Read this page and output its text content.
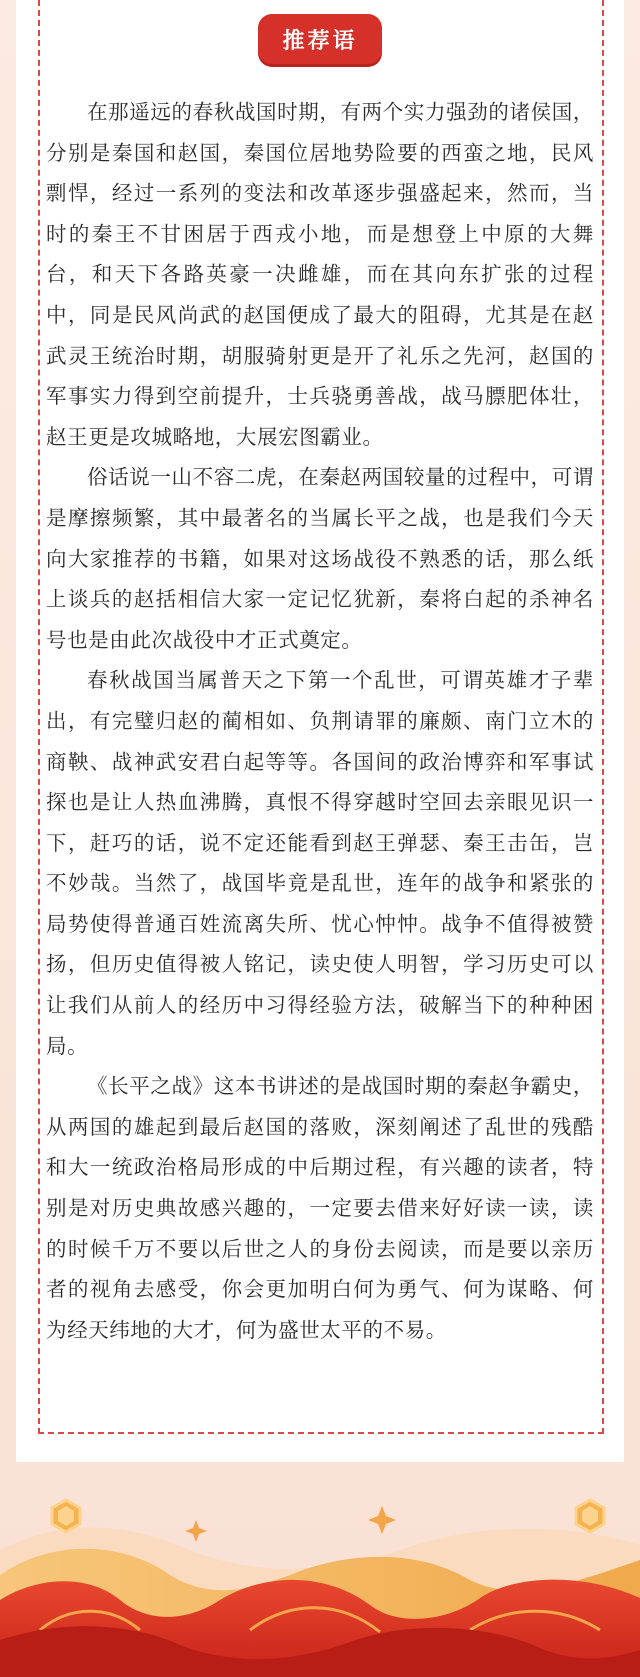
推荐语

在那遥远的春秋战国时期，有两个实力强劲的诸侯国，分别是秦国和赵国，秦国位居地势险要的西蛮之地，民风剽悍，经过一系列的变法和改革逐步强盛起来，然而，当时的秦王不甘困居于西戎小地，而是想登上中原的大舞台，和天下各路英豪一决雌雄，而在其向东扩张的过程中，同是民风尚武的赵国便成了最大的阻碍，尤其是在赵武灵王统治时期，胡服骑射更是开了礼乐之先河，赵国的军事实力得到空前提升，士兵骁勇善战，战马膘肥体壮，赵王更是攻城略地，大展宏图霸业。

俗话说一山不容二虎，在秦赵两国较量的过程中，可谓是摩擦频繁，其中最著名的当属长平之战，也是我们今天向大家推荐的书籍，如果对这场战役不熟悉的话，那么纸上谈兵的赵括相信大家一定记忆犹新，秦将白起的杀神名号也是由此次战役中才正式奠定。

春秋战国当属普天之下第一个乱世，可谓英雄才子辈出，有完璧归赵的蔺相如、负荆请罪的廉颇、南门立木的商鞅、战神武安君白起等等。各国间的政治博弈和军事试探也是让人热血沸腾，真恨不得穿越时空回去亲眼见识一下，赶巧的话，说不定还能看到赵王弹瑟、秦王击缶，岂不妙哉。当然了，战国毕竟是乱世，连年的战争和紧张的局势使得普通百姓流离失所、忧心忡忡。战争不值得被赞扬，但历史值得被人铭记，读史使人明智，学习历史可以让我们从前人的经历中习得经验方法，破解当下的种种困局。

《长平之战》这本书讲述的是战国时期的秦赵争霸史，从两国的雄起到最后赵国的落败，深刻阐述了乱世的残酷和大一统政治格局形成的中后期过程，有兴趣的读者，特别是对历史典故感兴趣的，一定要去借来好好读一读，读的时候千万不要以后世之人的身份去阅读，而是要以亲历者的视角去感受，你会更加明白何为勇气、何为谋略、何为经天纬地的大才，何为盛世太平的不易。
